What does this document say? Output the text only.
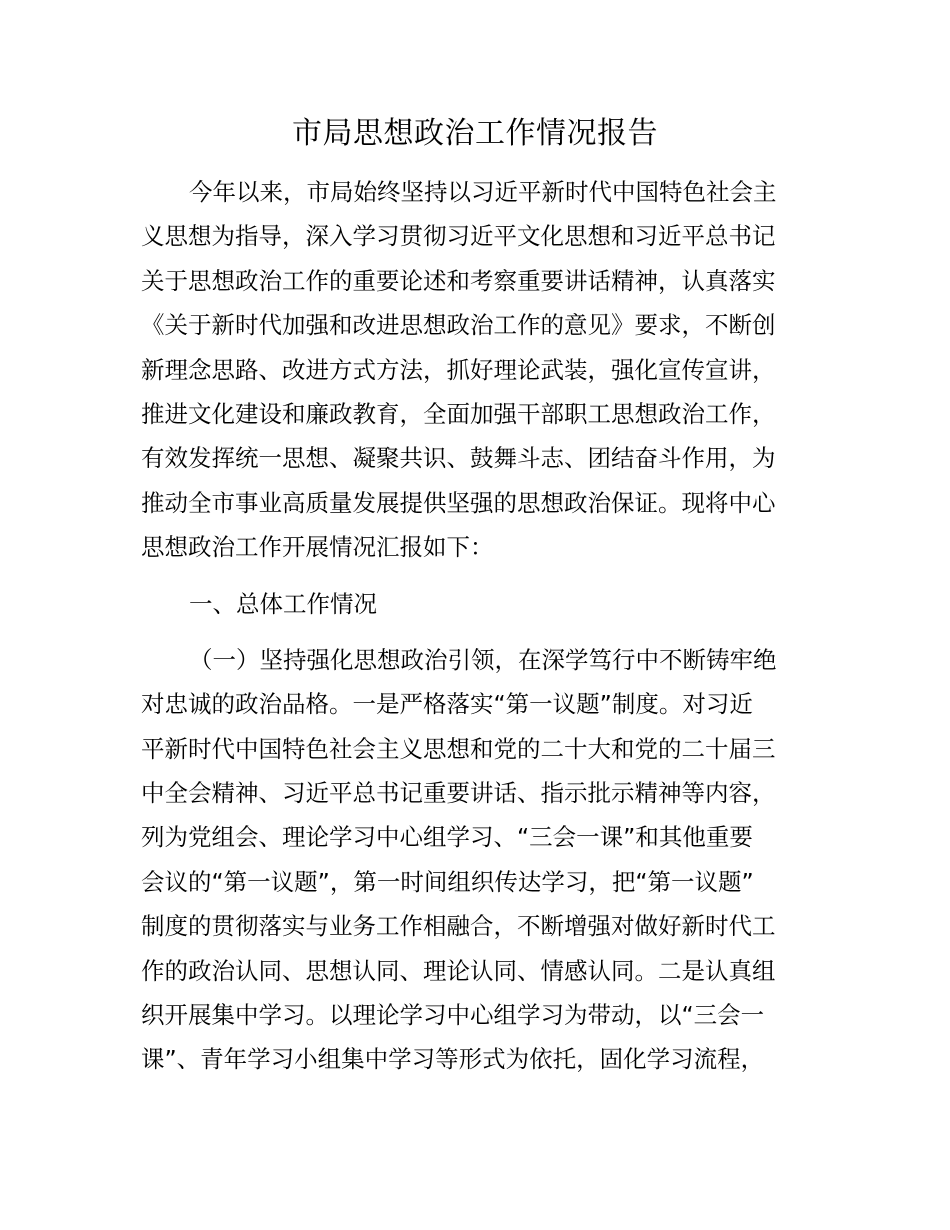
市局思想政治工作情况报告
今年以来，市局始终坚持以习近平新时代中国特色社会主
义思想为指导，深入学习贯彻习近平文化思想和习近平总书记
关于思想政治工作的重要论述和考察重要讲话精神，认真落实
《关于新时代加强和改进思想政治工作的意见》要求，不断创
新理念思路、改进方式方法，抓好理论武装，强化宣传宣讲，
推进文化建设和廉政教育，全面加强干部职工思想政治工作，
有效发挥统一思想、凝聚共识、鼓舞斗志、团结奋斗作用，为
推动全市事业高质量发展提供坚强的思想政治保证。现将中心
思想政治工作开展情况汇报如下：
一、总体工作情况
（一）坚持强化思想政治引领，在深学笃行中不断铸牢绝
对忠诚的政治品格。一是严格落实“第一议题”制度。对习近
平新时代中国特色社会主义思想和党的二十大和党的二十届三
中全会精神、习近平总书记重要讲话、指示批示精神等内容，
列为党组会、理论学习中心组学习、“三会一课”和其他重要
会议的“第一议题”，第一时间组织传达学习，把“第一议题”
制度的贯彻落实与业务工作相融合，不断增强对做好新时代工
作的政治认同、思想认同、理论认同、情感认同。二是认真组
织开展集中学习。以理论学习中心组学习为带动，以“三会一
课”、青年学习小组集中学习等形式为依托，固化学习流程，
